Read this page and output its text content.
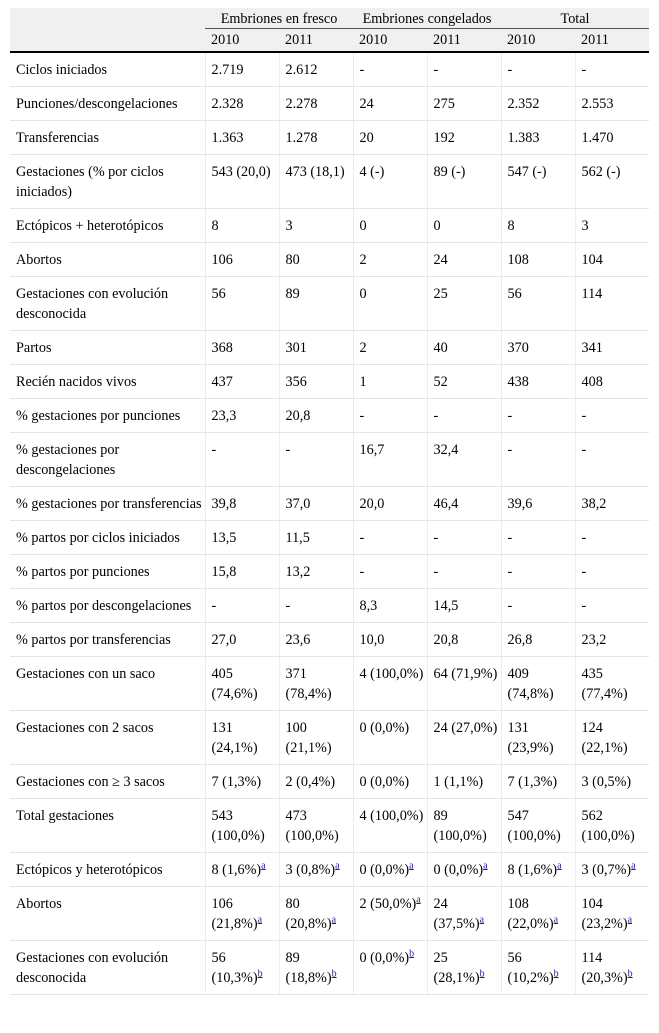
	Embriones en fresco		Embriones congelados		Total	
	2010	2011	2010	2011	2010	2011
Ciclos iniciados	2.719	2.612	-	-	-	-
Punciones/descongelaciones	2.328	2.278	24	275	2.352	2.553
Transferencias	1.363	1.278	20	192	1.383	1.470
Gestaciones (% por ciclos iniciados)	543 (20,0)	473 (18,1)	4 (-)	89 (-)	547 (-)	562 (-)
Ectópicos + heterotópicos	8	3	0	0	8	3
Abortos	106	80	2	24	108	104
Gestaciones con evolución desconocida	56	89	0	25	56	114
Partos	368	301	2	40	370	341
Recién nacidos vivos	437	356	1	52	438	408
% gestaciones por punciones	23,3	20,8	-	-	-	-
% gestaciones por descongelaciones	-	-	16,7	32,4	-	-
% gestaciones por transferencias	39,8	37,0	20,0	46,4	39,6	38,2
% partos por ciclos iniciados	13,5	11,5	-	-	-	-
% partos por punciones	15,8	13,2	-	-	-	-
% partos por descongelaciones	-	-	8,3	14,5	-	-
% partos por transferencias	27,0	23,6	10,0	20,8	26,8	23,2
Gestaciones con un saco	405 (74,6%)	371 (78,4%)	4 (100,0%)	64 (71,9%)	409 (74,8%)	435 (77,4%)
Gestaciones con 2 sacos	131 (24,1%)	100 (21,1%)	0 (0,0%)	24 (27,0%)	131 (23,9%)	124 (22,1%)
Gestaciones con ≥ 3 sacos	7 (1,3%)	2 (0,4%)	0 (0,0%)	1 (1,1%)	7 (1,3%)	3 (0,5%)
Total gestaciones	543 (100,0%)	473 (100,0%)	4 (100,0%)	89 (100,0%)	547 (100,0%)	562 (100,0%)
Ectópicos y heterotópicos	8 (1,6%)$^a$	3 (0,8%)$^a$	0 (0,0%)$^a$	0 (0,0%)$^a$	8 (1,6%)$^a$	3 (0,7%)$^a$
Abortos	106 (21,8%)$^a$	80 (20,8%)$^a$	2 (50,0%)$^a$	24 (37,5%)$^a$	108 (22,0%)$^a$	104 (23,2%)$^a$
Gestaciones con evolución desconocida	56 (10,3%)$^b$	89 (18,8%)$^b$	0 (0,0%)$^b$	25 (28,1%)$^b$	56 (10,2%)$^b$	114 (20,3%)$^b$
